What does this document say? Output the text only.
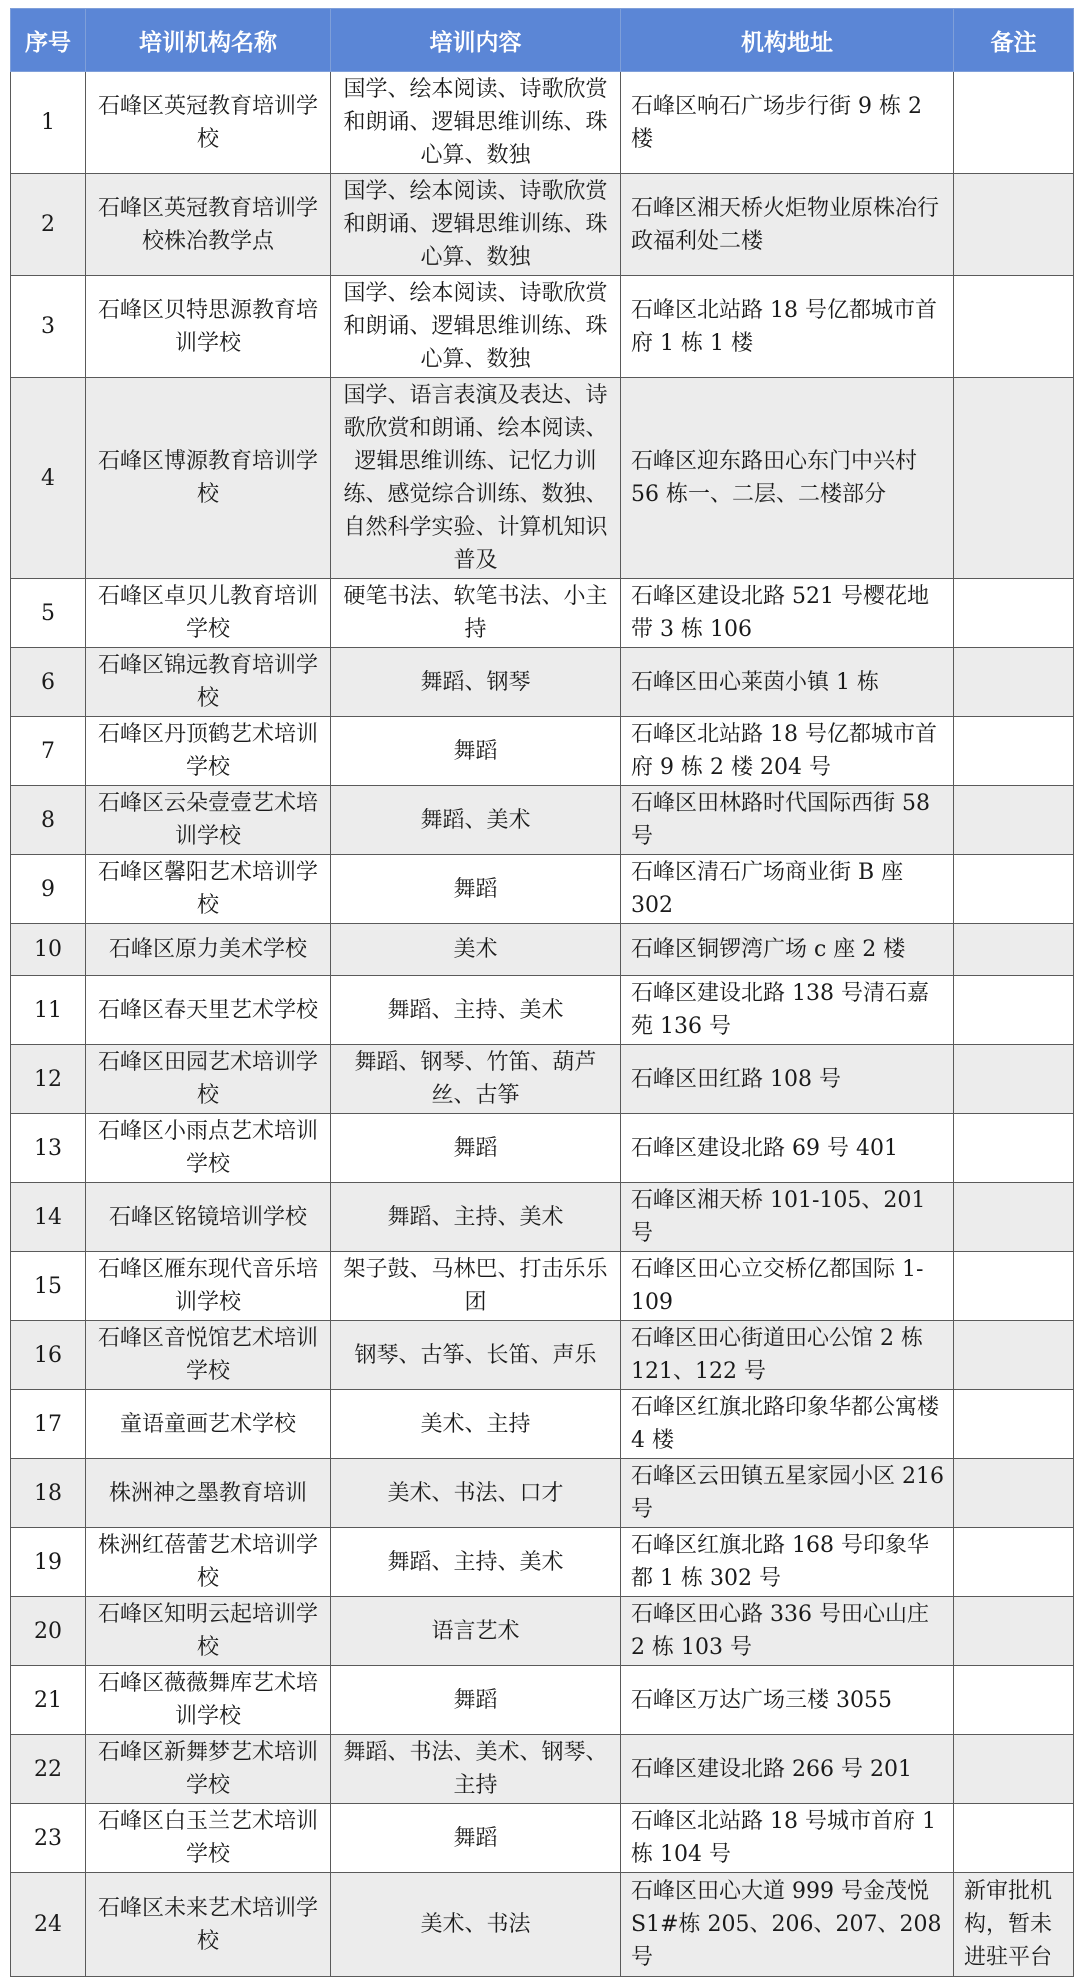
序号	培训机构名称	培训内容	机构地址	备注
1	石峰区英冠教育培训学校	国学、绘本阅读、诗歌欣赏和朗诵、逻辑思维训练、珠心算、数独	石峰区响石广场步行街 9 栋 2 楼	
2	石峰区英冠教育培训学校株冶教学点	国学、绘本阅读、诗歌欣赏和朗诵、逻辑思维训练、珠心算、数独	石峰区湘天桥火炬物业原株冶行政福利处二楼	
3	石峰区贝特思源教育培训学校	国学、绘本阅读、诗歌欣赏和朗诵、逻辑思维训练、珠心算、数独	石峰区北站路 18 号亿都城市首府 1 栋 1 楼	
4	石峰区博源教育培训学校	国学、语言表演及表达、诗歌欣赏和朗诵、绘本阅读、逻辑思维训练、记忆力训练、感觉综合训练、数独、自然科学实验、计算机知识普及	石峰区迎东路田心东门中兴村 56 栋一、二层、二楼部分	
5	石峰区卓贝儿教育培训学校	硬笔书法、软笔书法、小主持	石峰区建设北路 521 号樱花地带 3 栋 106	
6	石峰区锦远教育培训学校	舞蹈、钢琴	石峰区田心莱茵小镇 1 栋	
7	石峰区丹顶鹤艺术培训学校	舞蹈	石峰区北站路 18 号亿都城市首府 9 栋 2 楼 204 号	
8	石峰区云朵壹壹艺术培训学校	舞蹈、美术	石峰区田林路时代国际西街 58 号	
9	石峰区馨阳艺术培训学校	舞蹈	石峰区清石广场商业街 B 座 302	
10	石峰区原力美术学校	美术	石峰区铜锣湾广场 c 座 2 楼	
11	石峰区春天里艺术学校	舞蹈、主持、美术	石峰区建设北路 138 号清石嘉苑 136 号	
12	石峰区田园艺术培训学校	舞蹈、钢琴、竹笛、葫芦丝、古筝	石峰区田红路 108 号	
13	石峰区小雨点艺术培训学校	舞蹈	石峰区建设北路 69 号 401	
14	石峰区铭镜培训学校	舞蹈、主持、美术	石峰区湘天桥 101-105、201 号	
15	石峰区雁东现代音乐培训学校	架子鼓、马林巴、打击乐乐团	石峰区田心立交桥亿都国际 1-109	
16	石峰区音悦馆艺术培训学校	钢琴、古筝、长笛、声乐	石峰区田心街道田心公馆 2 栋 121、122 号	
17	童语童画艺术学校	美术、主持	石峰区红旗北路印象华都公寓楼 4 楼	
18	株洲神之墨教育培训	美术、书法、口才	石峰区云田镇五星家园小区 216 号	
19	株洲红蓓蕾艺术培训学校	舞蹈、主持、美术	石峰区红旗北路 168 号印象华都 1 栋 302 号	
20	石峰区知明云起培训学校	语言艺术	石峰区田心路 336 号田心山庄 2 栋 103 号	
21	石峰区薇薇舞库艺术培训学校	舞蹈	石峰区万达广场三楼 3055	
22	石峰区新舞梦艺术培训学校	舞蹈、书法、美术、钢琴、主持	石峰区建设北路 266 号 201	
23	石峰区白玉兰艺术培训学校	舞蹈	石峰区北站路 18 号城市首府 1 栋 104 号	
24	石峰区未来艺术培训学校	美术、书法	石峰区田心大道 999 号金茂悦 S1#栋 205、206、207、208 号	新审批机构，暂未进驻平台
